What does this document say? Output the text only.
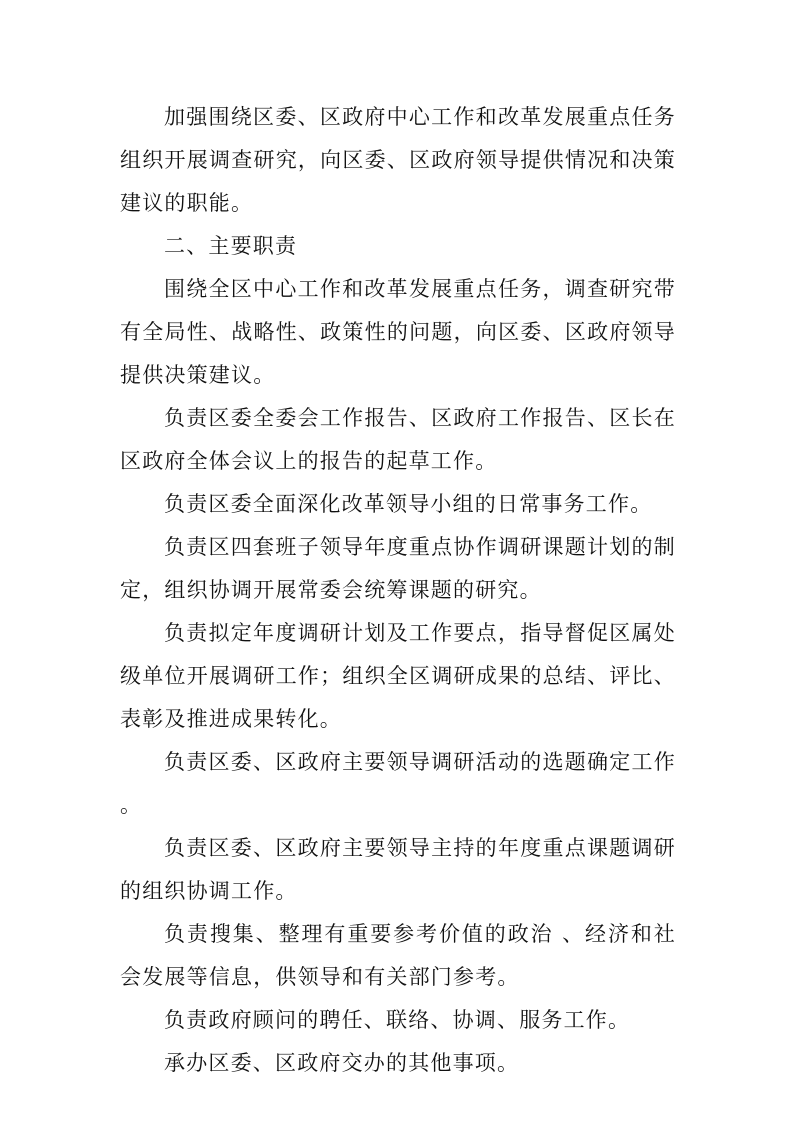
加强围绕区委、区政府中心工作和改革发展重点任务组织开展调查研究，向区委、区政府领导提供情况和决策建议的职能。

二、主要职责

围绕全区中心工作和改革发展重点任务，调查研究带有全局性、战略性、政策性的问题，向区委、区政府领导提供决策建议。

负责区委全委会工作报告、区政府工作报告、区长在区政府全体会议上的报告的起草工作。

负责区委全面深化改革领导小组的日常事务工作。

负责区四套班子领导年度重点协作调研课题计划的制定，组织协调开展常委会统筹课题的研究。

负责拟定年度调研计划及工作要点，指导督促区属处级单位开展调研工作；组织全区调研成果的总结、评比、表彰及推进成果转化。

负责区委、区政府主要领导调研活动的选题确定工作 。

负责区委、区政府主要领导主持的年度重点课题调研的组织协调工作。

负责搜集、整理有重要参考价值的政治 、经济和社会发展等信息，供领导和有关部门参考。

负责政府顾问的聘任、联络、协调、服务工作。

承办区委、区政府交办的其他事项。
